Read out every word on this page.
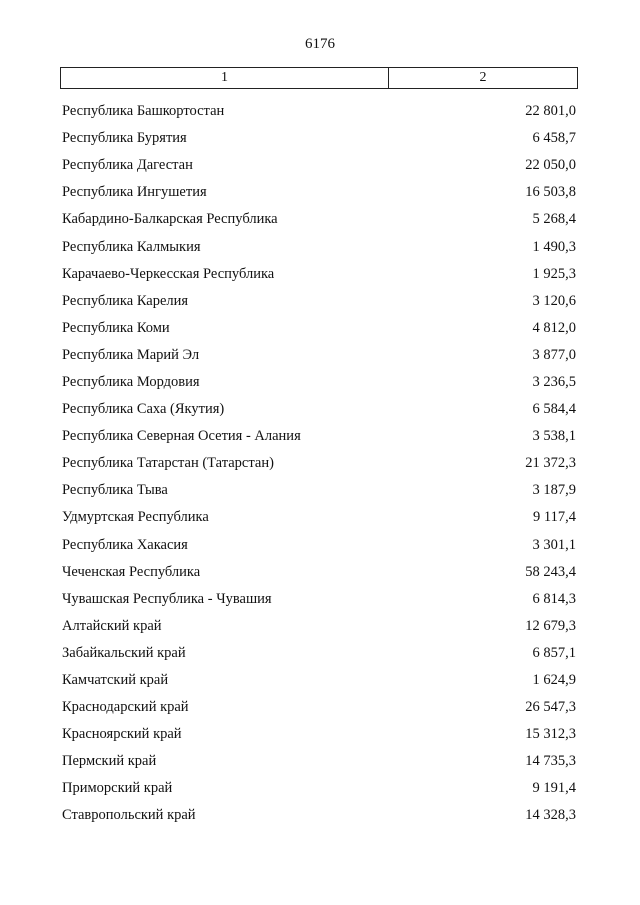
6176
1	2
Республика Башкортостан	22 801,0
Республика Бурятия	6 458,7
Республика Дагестан	22 050,0
Республика Ингушетия	16 503,8
Кабардино-Балкарская Республика	5 268,4
Республика Калмыкия	1 490,3
Карачаево-Черкесская Республика	1 925,3
Республика Карелия	3 120,6
Республика Коми	4 812,0
Республика Марий Эл	3 877,0
Республика Мордовия	3 236,5
Республика Саха (Якутия)	6 584,4
Республика Северная Осетия - Алания	3 538,1
Республика Татарстан (Татарстан)	21 372,3
Республика Тыва	3 187,9
Удмуртская Республика	9 117,4
Республика Хакасия	3 301,1
Чеченская Республика	58 243,4
Чувашская Республика - Чувашия	6 814,3
Алтайский край	12 679,3
Забайкальский край	6 857,1
Камчатский край	1 624,9
Краснодарский край	26 547,3
Красноярский край	15 312,3
Пермский край	14 735,3
Приморский край	9 191,4
Ставропольский край	14 328,3
